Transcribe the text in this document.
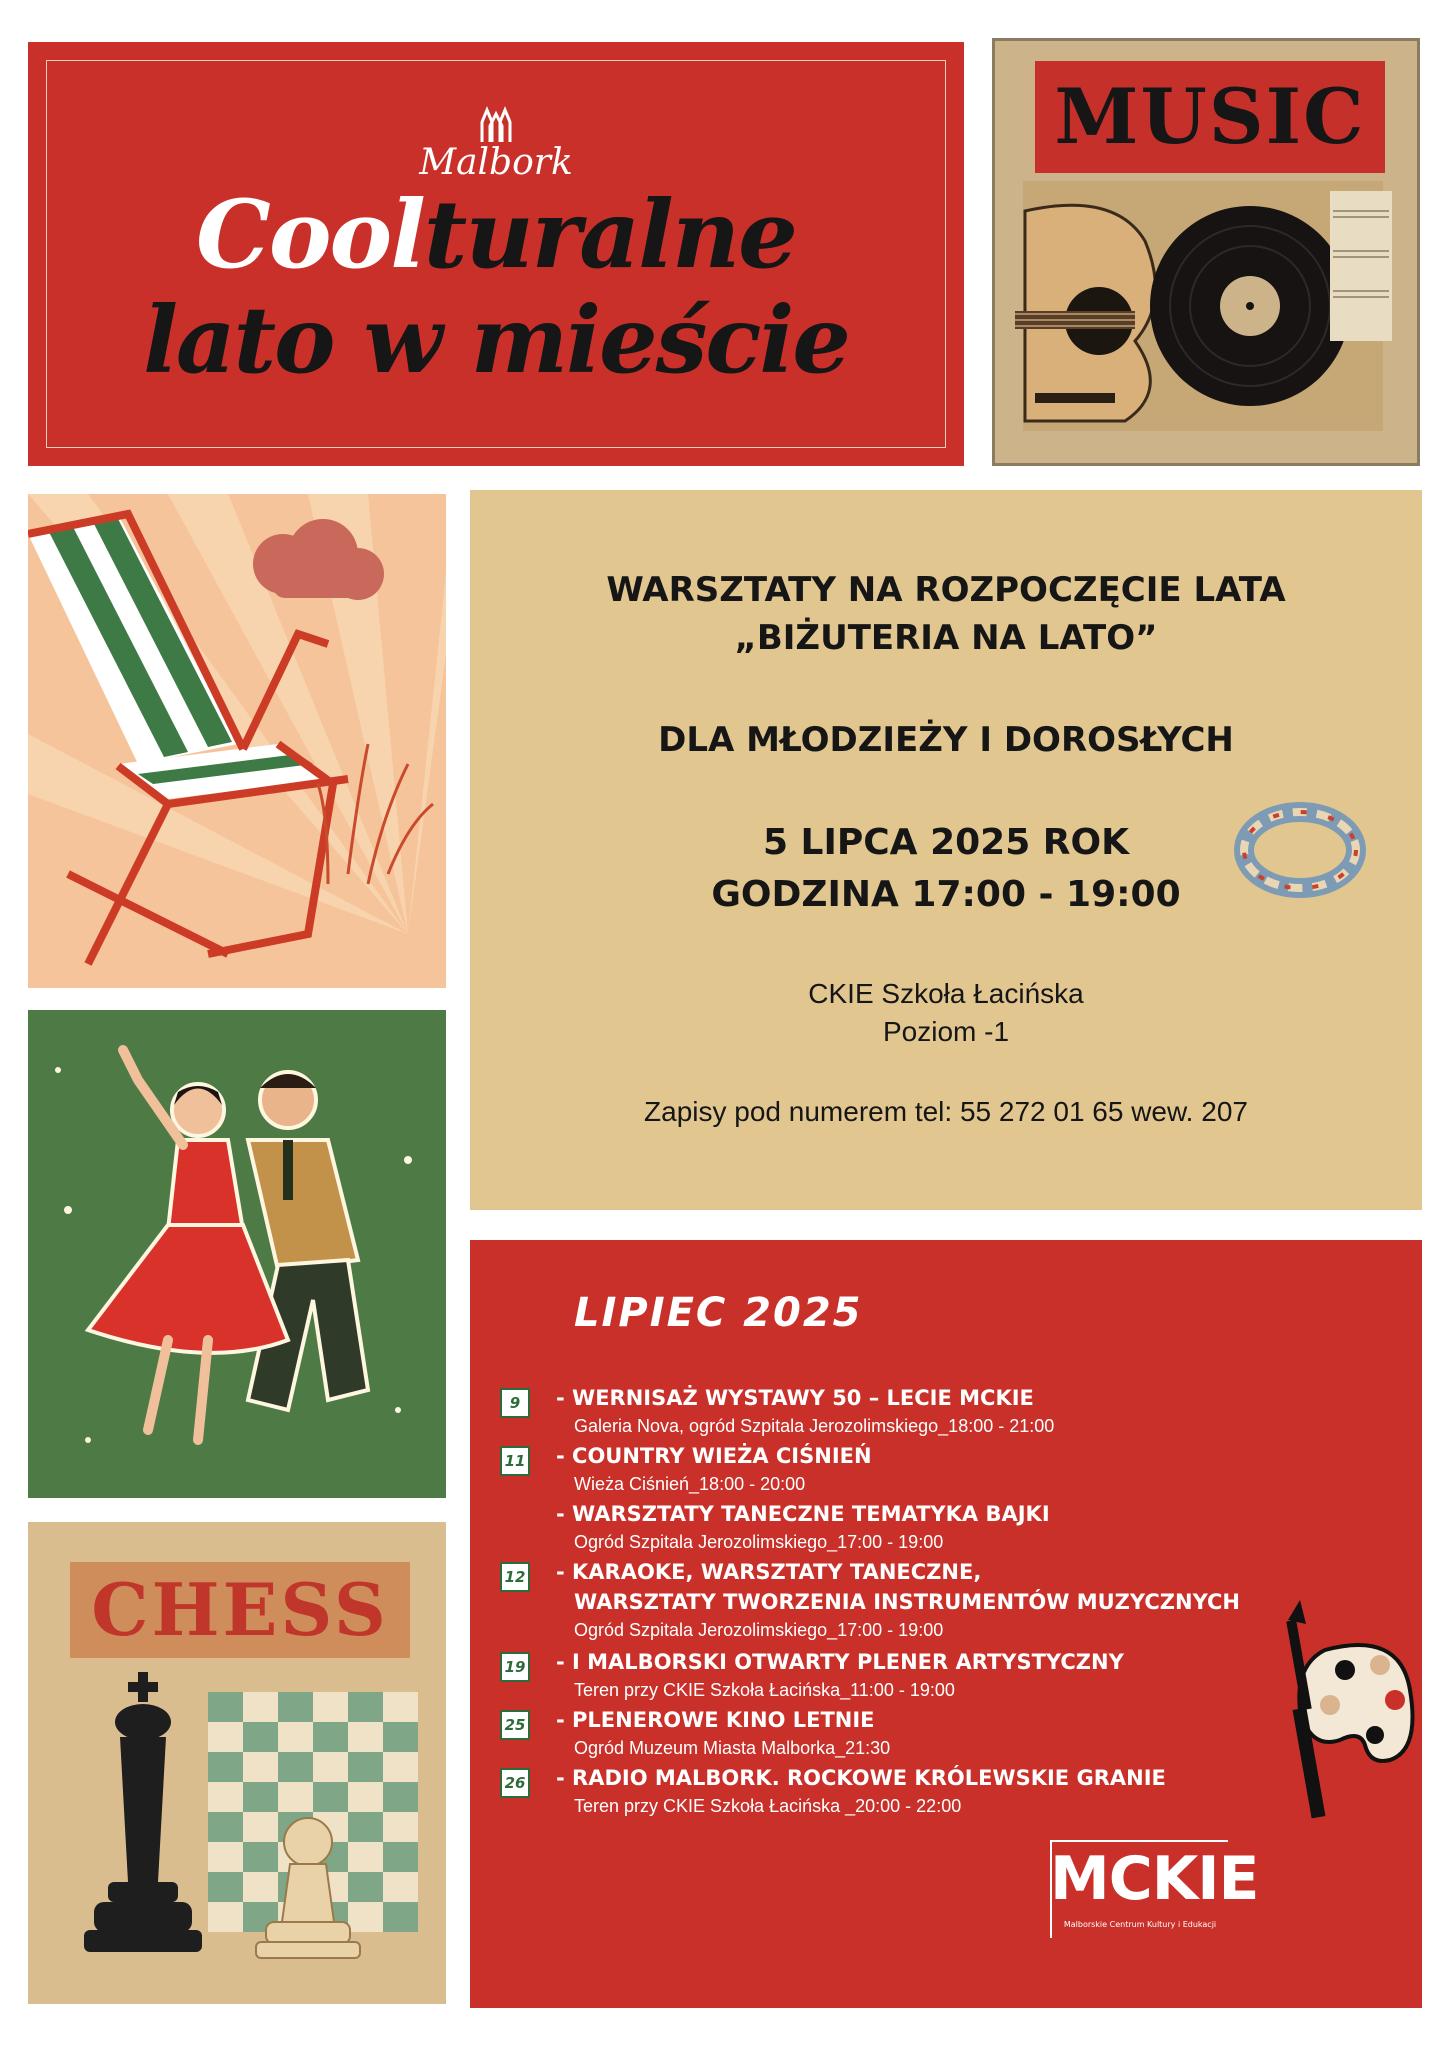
Malbork
Coolturalne
lato w mieście
MUSIC
CHESS
WARSZTATY NA ROZPOCZĘCIE LATA
„BIŻUTERIA NA LATO”
DLA MŁODZIEŻY I DOROSŁYCH
5 LIPCA 2025 ROK
GODZINA 17:00 - 19:00
CKIE Szkoła Łacińska
Poziom -1
Zapisy pod numerem tel: 55 272 01 65 wew. 207
LIPIEC 2025
9	- WERNISAŻ WYSTAWY 50 – LECIE MCKIE
Galeria Nova, ogród Szpitala Jerozolimskiego_18:00 - 21:00
11 - COUNTRY WIEŻA CIŚNIEŃ
Wieża Ciśnień_18:00 - 20:00
- WARSZTATY TANECZNE TEMATYKA BAJKI
Ogród Szpitala Jerozolimskiego_17:00 - 19:00
12 - KARAOKE, WARSZTATY TANECZNE,
WARSZTATY TWORZENIA INSTRUMENTÓW MUZYCZNYCH
Ogród Szpitala Jerozolimskiego_17:00 - 19:00
19 - I MALBORSKI OTWARTY PLENER ARTYSTYCZNY
Teren przy CKIE Szkoła Łacińska_11:00 - 19:00
25 - PLENEROWE KINO LETNIE
Ogród Muzeum Miasta Malborka_21:30
26 - RADIO MALBORK. ROCKOWE KRÓLEWSKIE GRANIE
Teren przy CKIE Szkoła Łacińska _20:00 - 22:00
MCKIE
Malborskie Centrum Kultury i Edukacji
